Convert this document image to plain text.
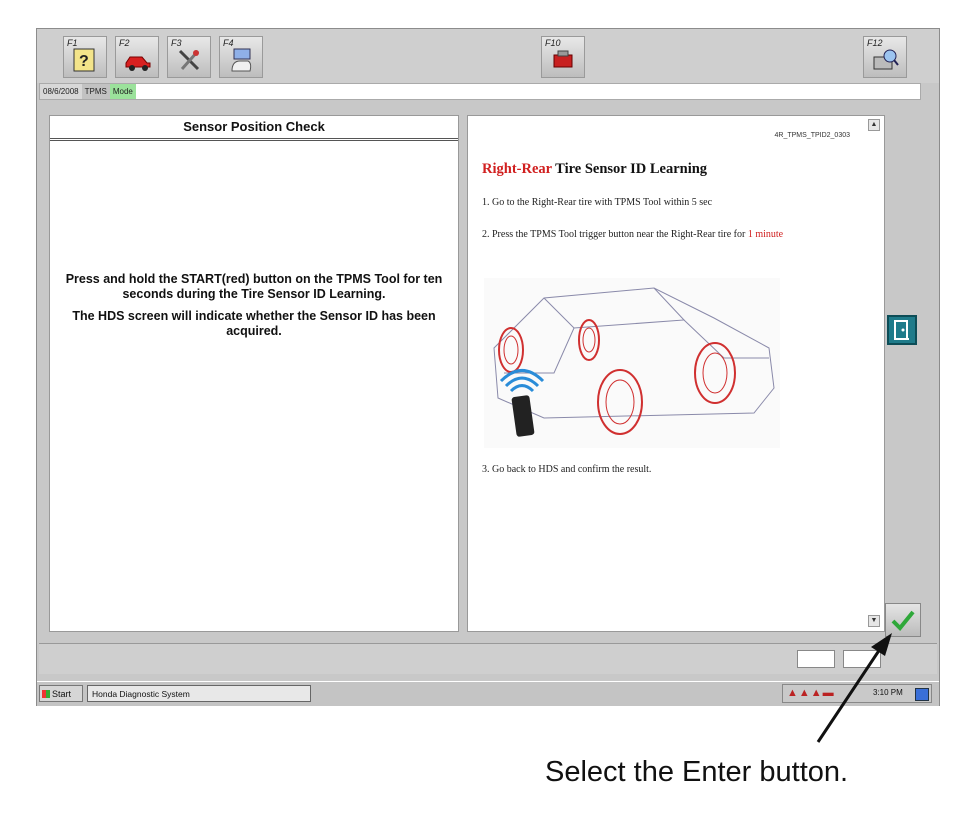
F1
?
F2	F3	F4	F10	F12
08/6/2008 TPMS Mode
Sensor Position Check

Press and hold the START(red) button on the TPMS Tool for ten seconds during the Tire Sensor ID Learning.

The HDS screen will indicate whether the Sensor ID has been acquired.

▲
4R_TPMS_TPID2_0303
Right-Rear Tire Sensor ID Learning
1. Go to the Right-Rear tire with TPMS Tool within 5 sec
2. Press the TPMS Tool trigger button near the Right-Rear tire for 1 minute
3. Go back to HDS and confirm the result.
▼
Start	Honda Diagnostic System	▲▲▲▬	3:10 PM
Select the Enter button.
